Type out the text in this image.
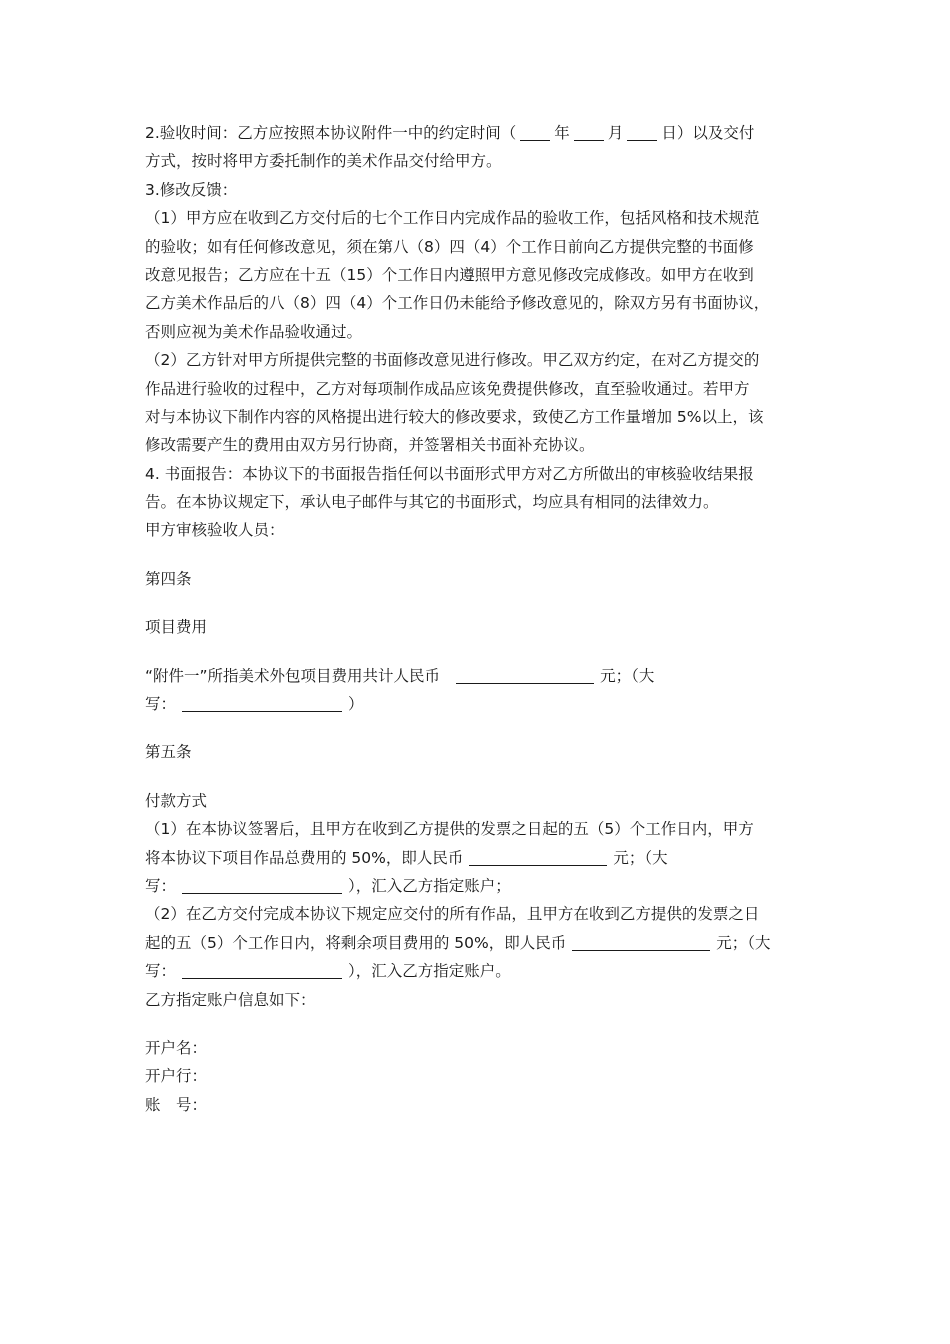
2.验收时间：乙方应按照本协议附件一中的约定时间（ 年 月 日）以及交付
方式，按时将甲方委托制作的美术作品交付给甲方。
3.修改反馈：
（1）甲方应在收到乙方交付后的七个工作日内完成作品的验收工作，包括风格和技术规范
的验收；如有任何修改意见，须在第八（8）四（4）个工作日前向乙方提供完整的书面修
改意见报告；乙方应在十五（15）个工作日内遵照甲方意见修改完成修改。如甲方在收到
乙方美术作品后的八（8）四（4）个工作日仍未能给予修改意见的，除双方另有书面协议，
否则应视为美术作品验收通过。
（2）乙方针对甲方所提供完整的书面修改意见进行修改。甲乙双方约定，在对乙方提交的
作品进行验收的过程中，乙方对每项制作成品应该免费提供修改，直至验收通过。若甲方
对与本协议下制作内容的风格提出进行较大的修改要求，致使乙方工作量增加 5%以上，该
修改需要产生的费用由双方另行协商，并签署相关书面补充协议。
4. 书面报告：本协议下的书面报告指任何以书面形式甲方对乙方所做出的审核验收结果报
告。在本协议规定下，承认电子邮件与其它的书面形式，均应具有相同的法律效力。
甲方审核验收人员：
第四条
项目费用
“附件一”所指美术外包项目费用共计人民币	元；（大
写：	）
第五条
付款方式
（1）在本协议签署后，且甲方在收到乙方提供的发票之日起的五（5）个工作日内，甲方
将本协议下项目作品总费用的 50%，即人民币	元；（大
写：	），汇入乙方指定账户；
（2）在乙方交付完成本协议下规定应交付的所有作品，且甲方在收到乙方提供的发票之日
起的五（5）个工作日内，将剩余项目费用的 50%，即人民币	元；（大
写：	），汇入乙方指定账户。
乙方指定账户信息如下：
开户名：
开户行：
账　号：
